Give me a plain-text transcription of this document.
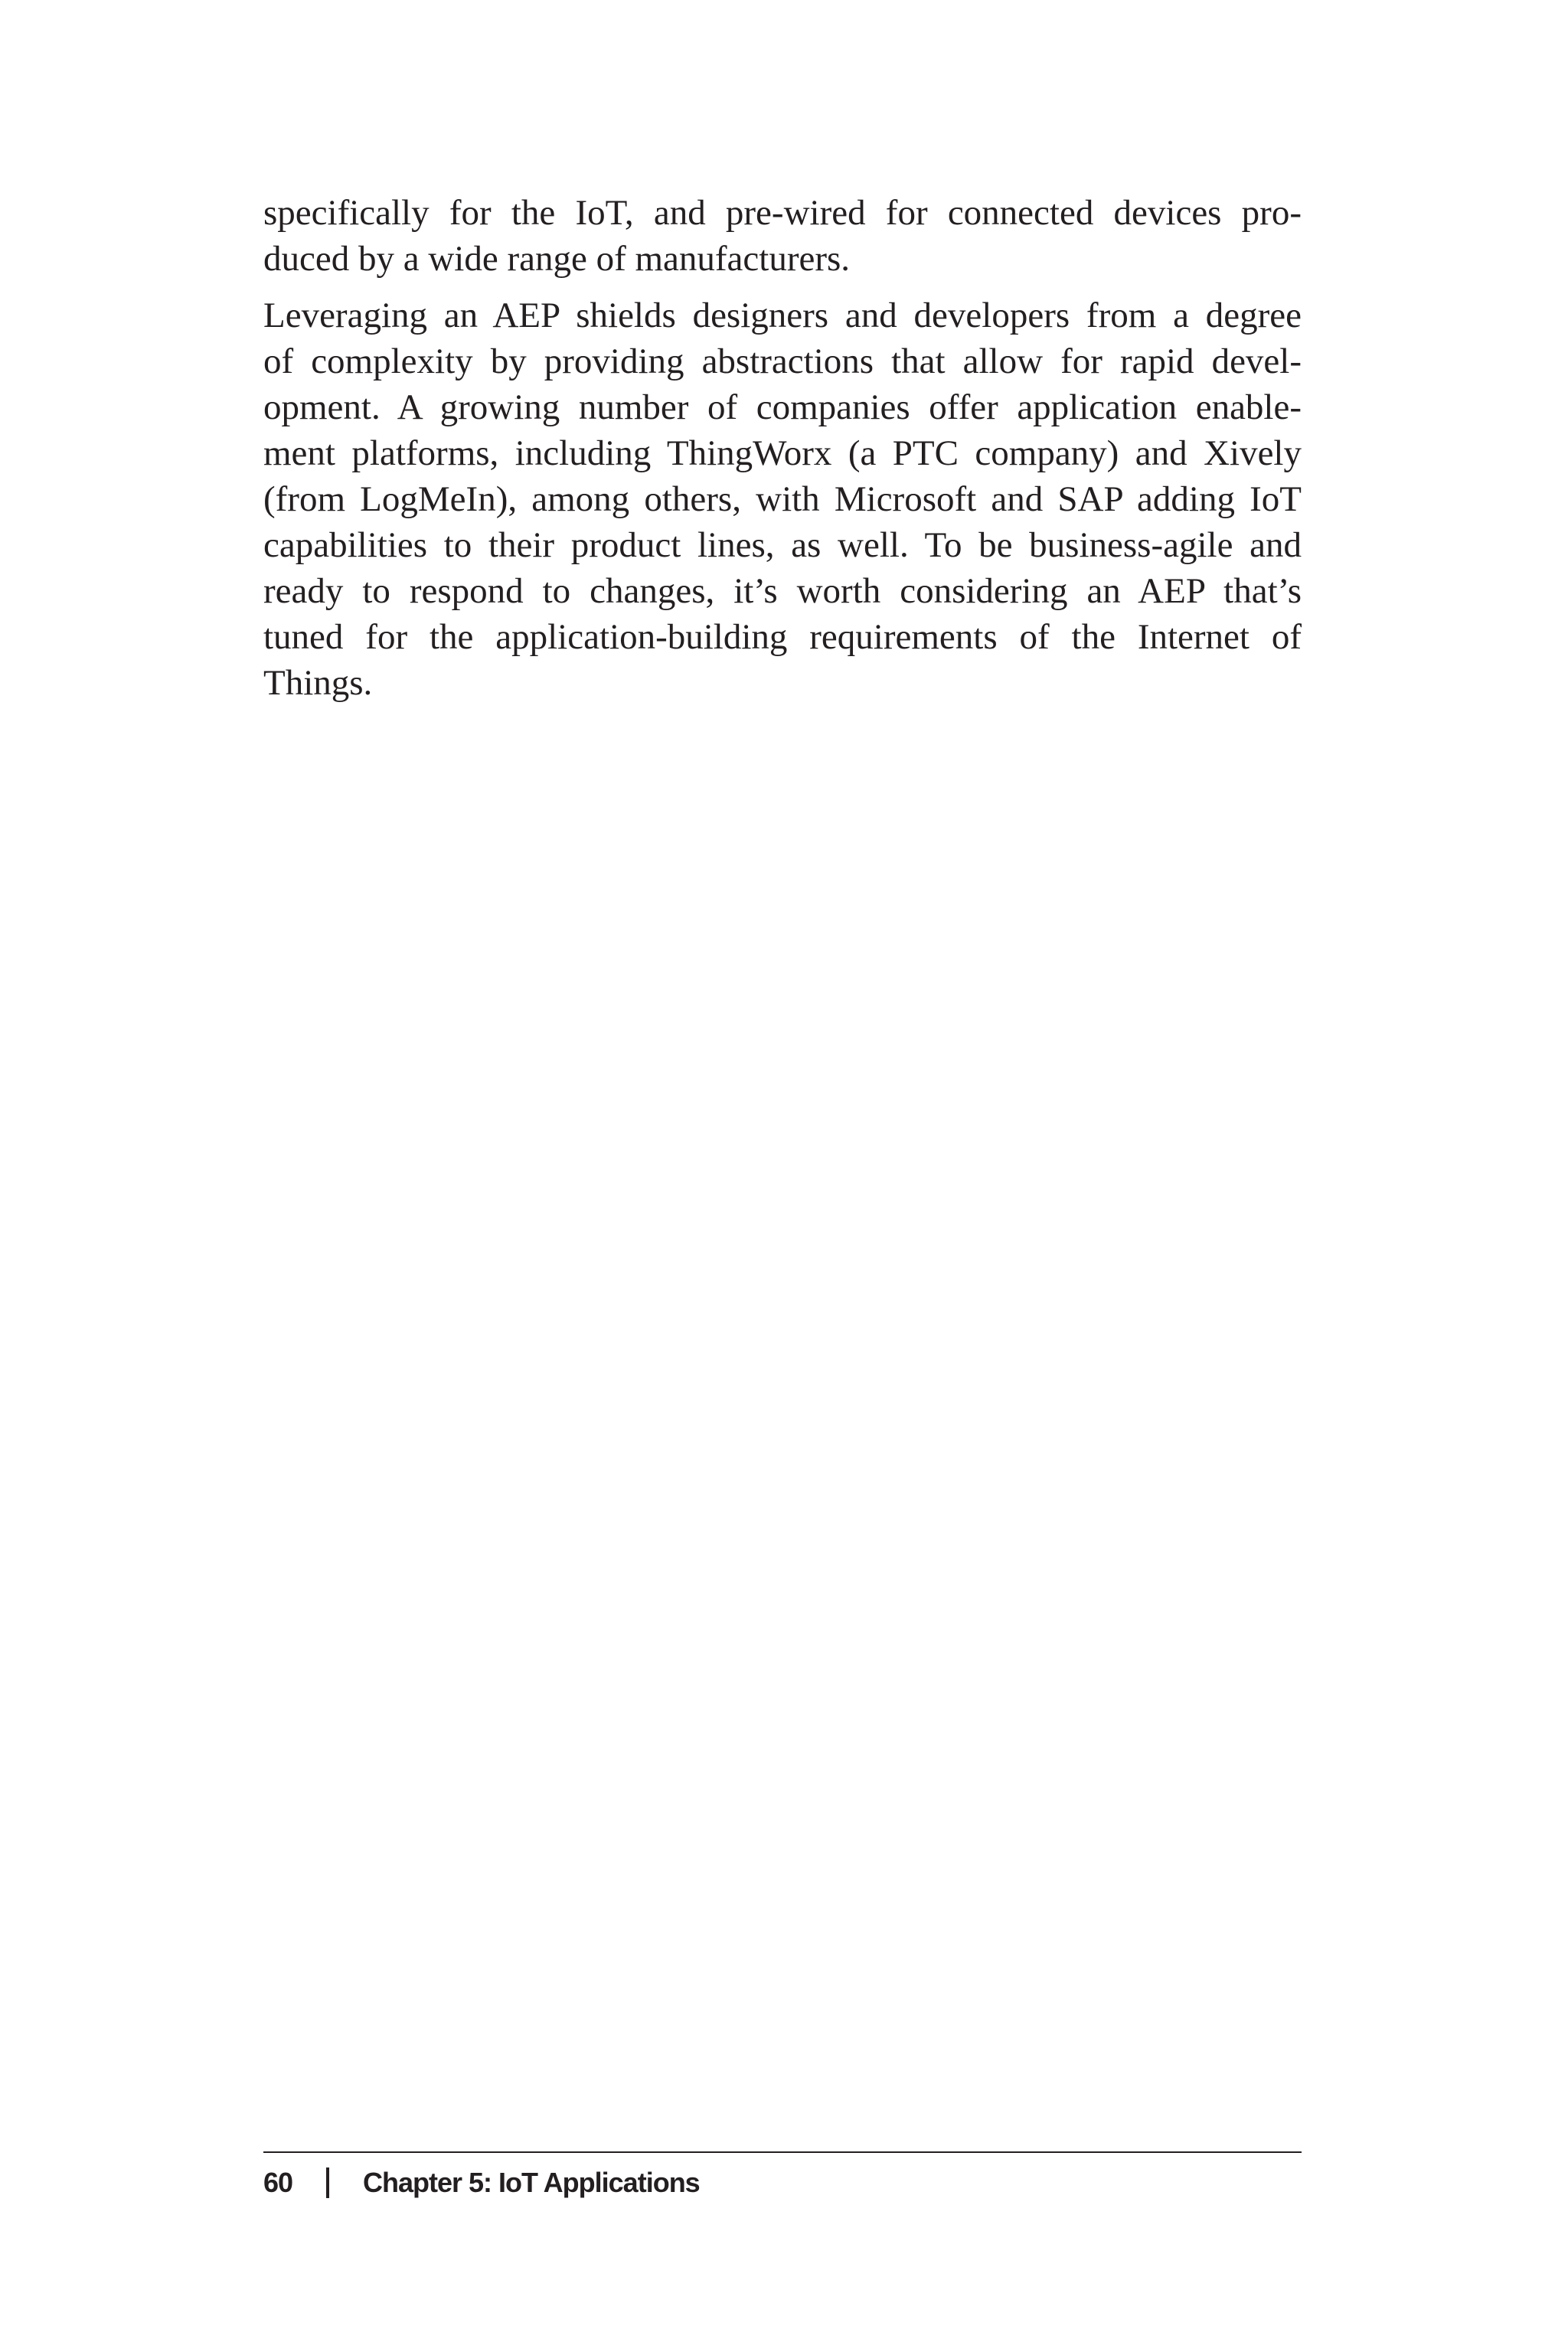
specifically for the IoT, and pre-wired for connected devices pro-
duced by a wide range of manufacturers.

Leveraging an AEP shields designers and developers from a degree
of complexity by providing abstractions that allow for rapid devel-
opment. A growing number of companies offer application enable-
ment platforms, including ThingWorx (a PTC company) and Xively
(from LogMeIn), among others, with Microsoft and SAP adding IoT
capabilities to their product lines, as well. To be business-agile and
ready to respond to changes, it’s worth considering an AEP that’s
tuned for the application-building requirements of the Internet of
Things.

60	Chapter 5: IoT Applications
